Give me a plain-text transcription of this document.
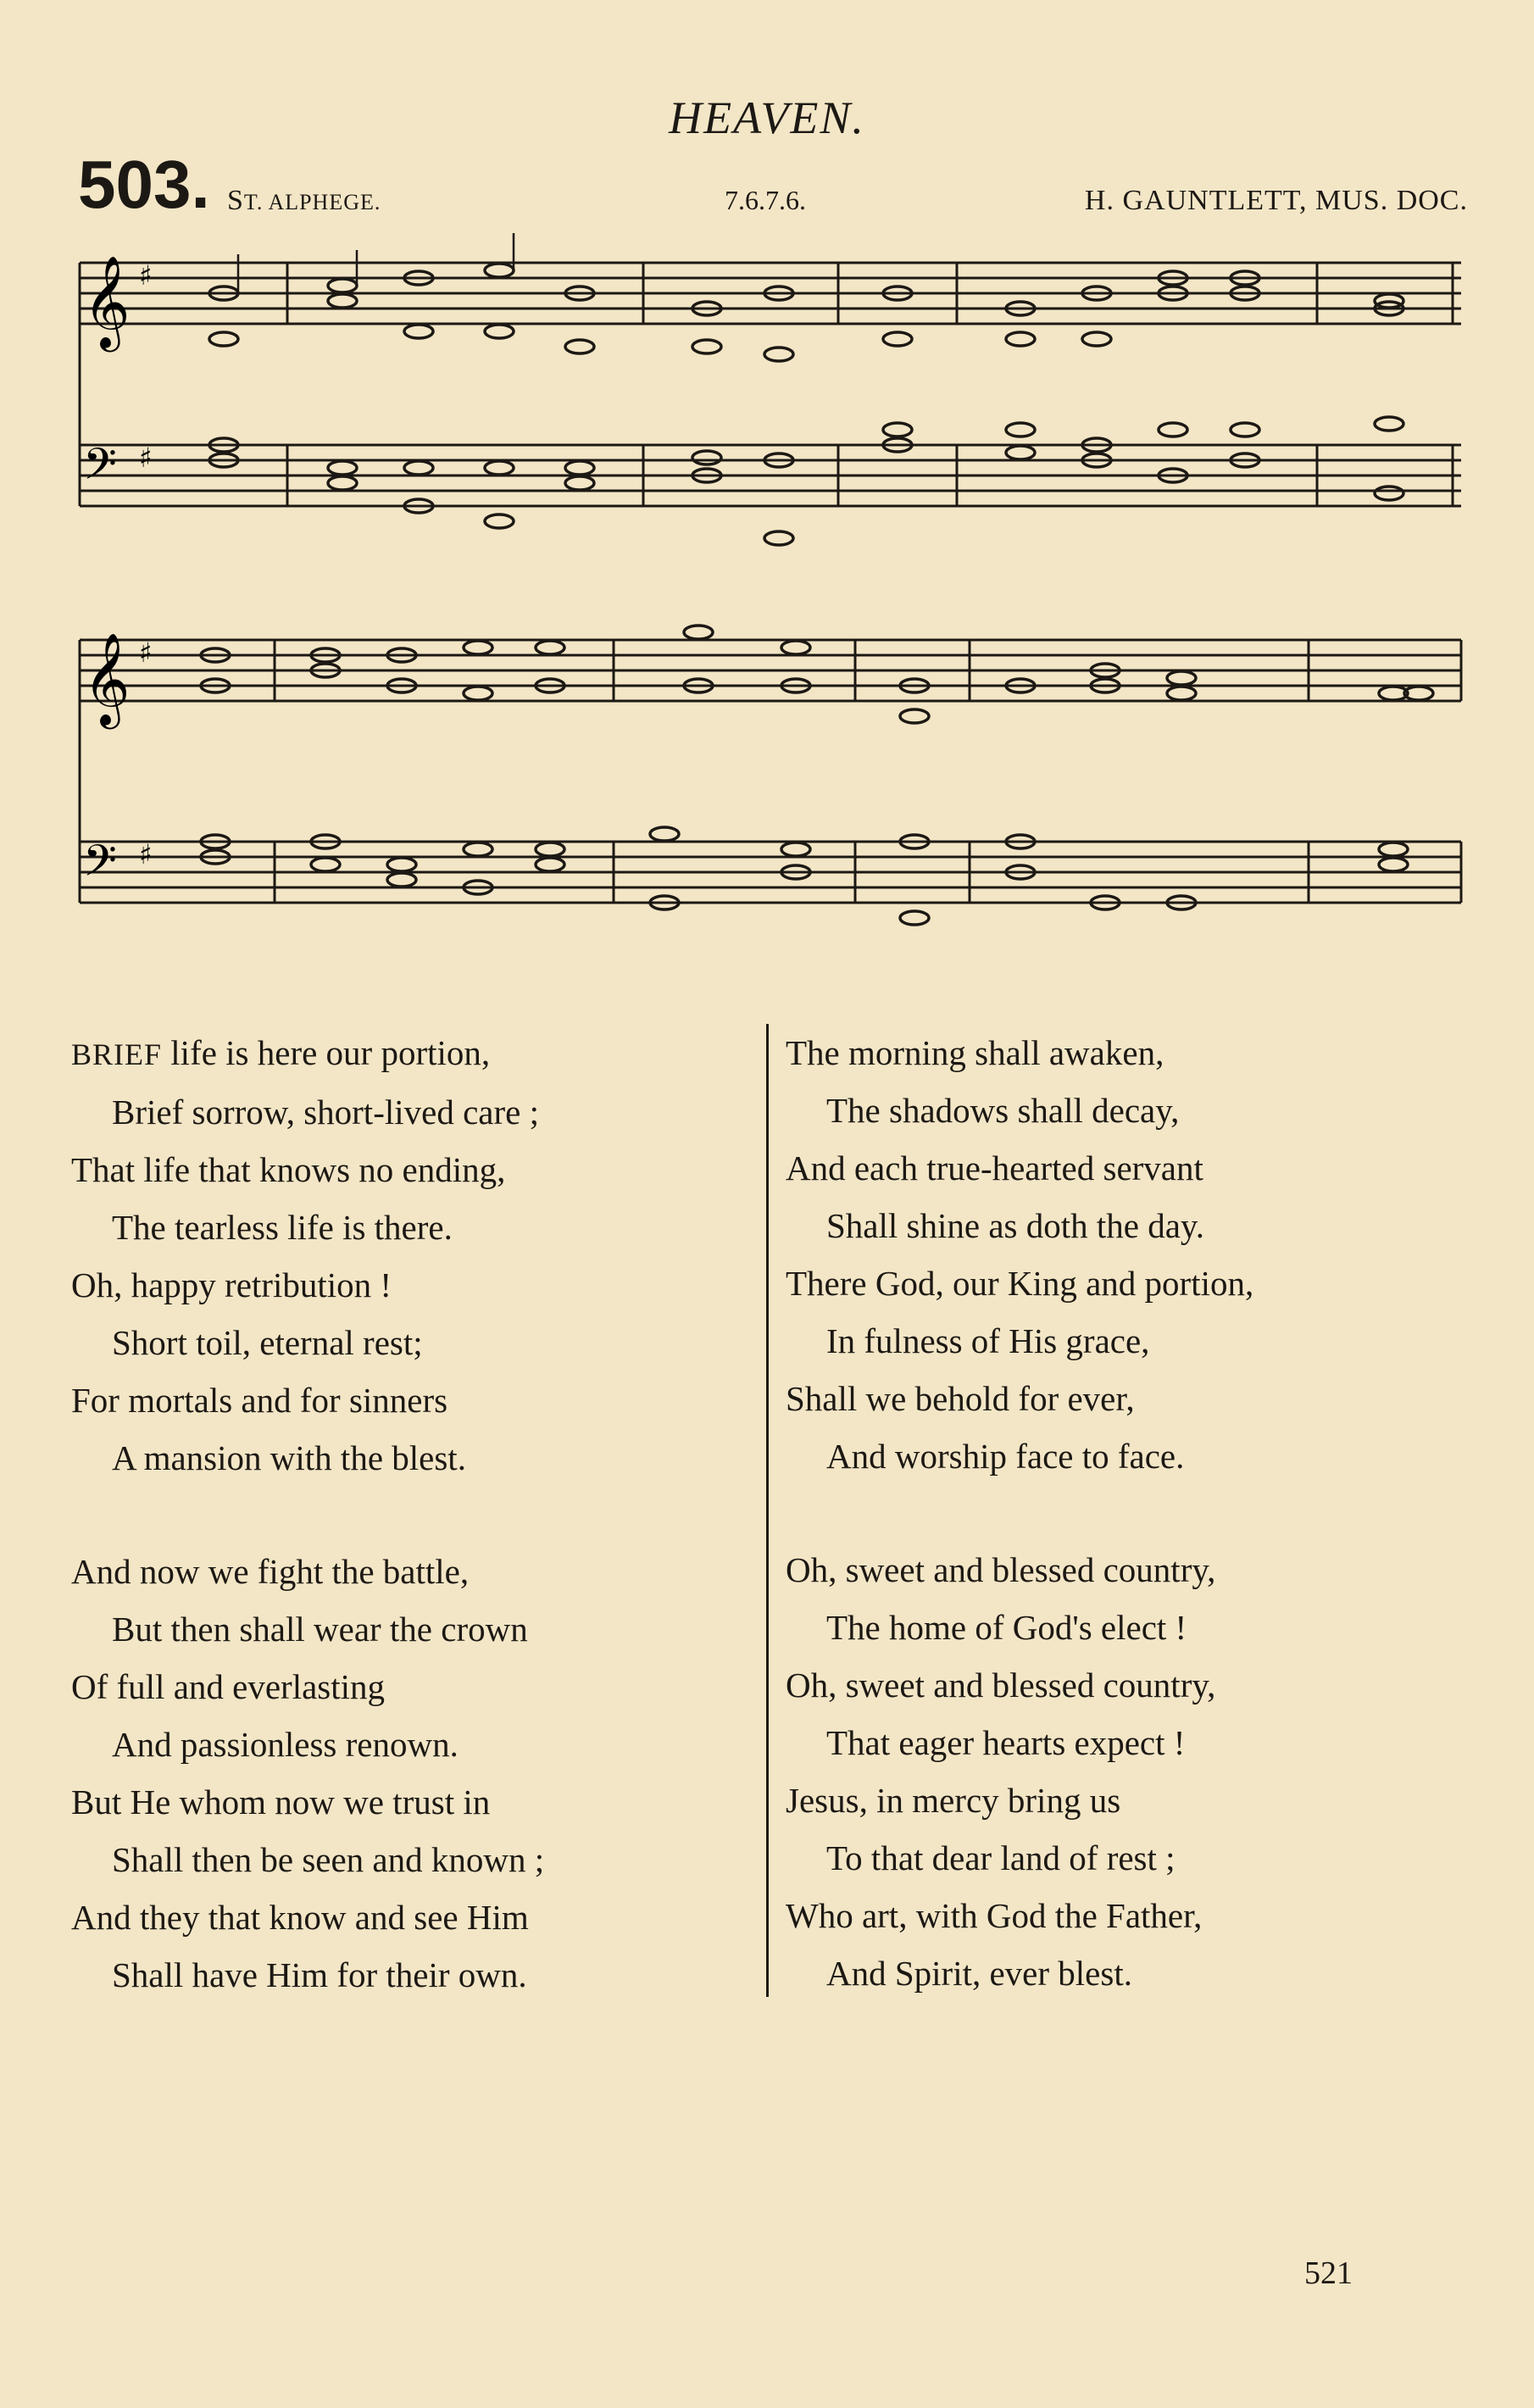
HEAVEN.
503. ST. ALPHEGE.	7.6.7.6.	H. GAUNTLETT, MUS. DOC.
𝄞
𝄢
♯
♯
𝄞
𝄢
♯
♯
BRIEF life is here our portion,
Brief sorrow, short-lived care ;
That life that knows no ending,
The tearless life is there.
Oh, happy retribution !
Short toil, eternal rest;
For mortals and for sinners
A mansion with the blest.
And now we fight the battle,
But then shall wear the crown
Of full and everlasting
And passionless renown.
But He whom now we trust in
Shall then be seen and known ;
And they that know and see Him
Shall have Him for their own.
The morning shall awaken,
The shadows shall decay,
And each true-hearted servant
Shall shine as doth the day.
There God, our King and portion,
In fulness of His grace,
Shall we behold for ever,
And worship face to face.
Oh, sweet and blessed country,
The home of God's elect !
Oh, sweet and blessed country,
That eager hearts expect !
Jesus, in mercy bring us
To that dear land of rest ;
Who art, with God the Father,
And Spirit, ever blest.
521
